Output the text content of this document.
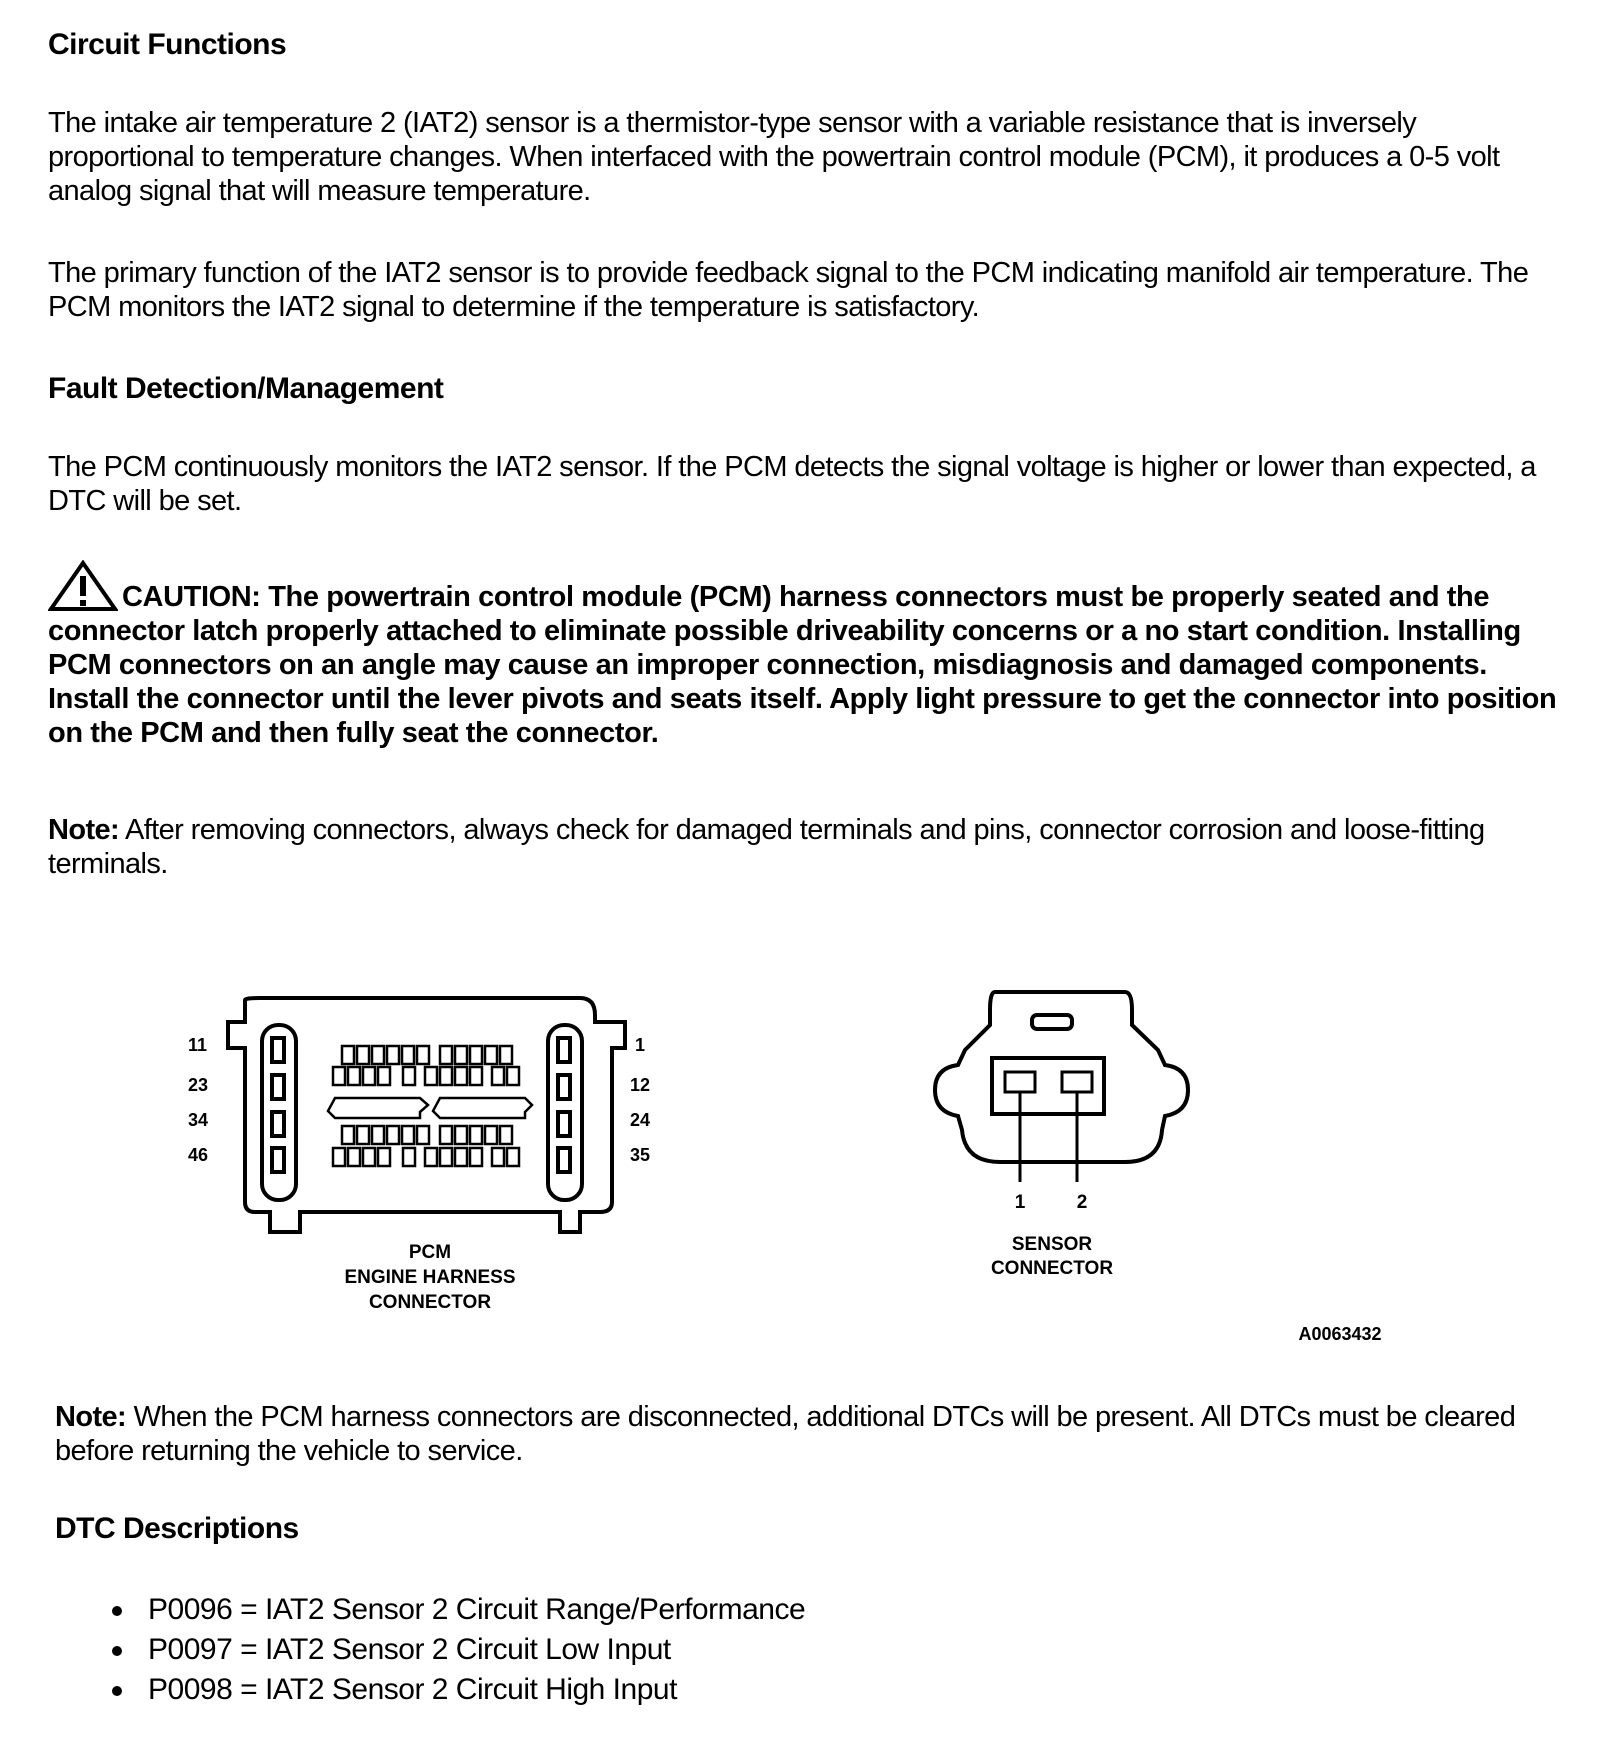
Circuit Functions

The intake air temperature 2 (IAT2) sensor is a thermistor-type sensor with a variable resistance that is inversely proportional to temperature changes. When interfaced with the powertrain control module (PCM), it produces a 0-5 volt analog signal that will measure temperature.

The primary function of the IAT2 sensor is to provide feedback signal to the PCM indicating manifold air temperature. The PCM monitors the IAT2 signal to determine if the temperature is satisfactory.

Fault Detection/Management

The PCM continuously monitors the IAT2 sensor. If the PCM detects the signal voltage is higher or lower than expected, a DTC will be set.

CAUTION: The powertrain control module (PCM) harness connectors must be properly seated and the connector latch properly attached to eliminate possible driveability concerns or a no start condition. Installing PCM connectors on an angle may cause an improper connection, misdiagnosis and damaged components. Install the connector until the lever pivots and seats itself. Apply light pressure to get the connector into position on the PCM and then fully seat the connector.

Note: After removing connectors, always check for damaged terminals and pins, connector corrosion and loose-fitting terminals.

11
23
34
46
1
12
24
35
PCM
ENGINE HARNESS
CONNECTOR
1	2
SENSOR
CONNECTOR
A0063432

Note: When the PCM harness connectors are disconnected, additional DTCs will be present. All DTCs must be cleared before returning the vehicle to service.

DTC Descriptions
P0096 = IAT2 Sensor 2 Circuit Range/Performance
P0097 = IAT2 Sensor 2 Circuit Low Input
P0098 = IAT2 Sensor 2 Circuit High Input
